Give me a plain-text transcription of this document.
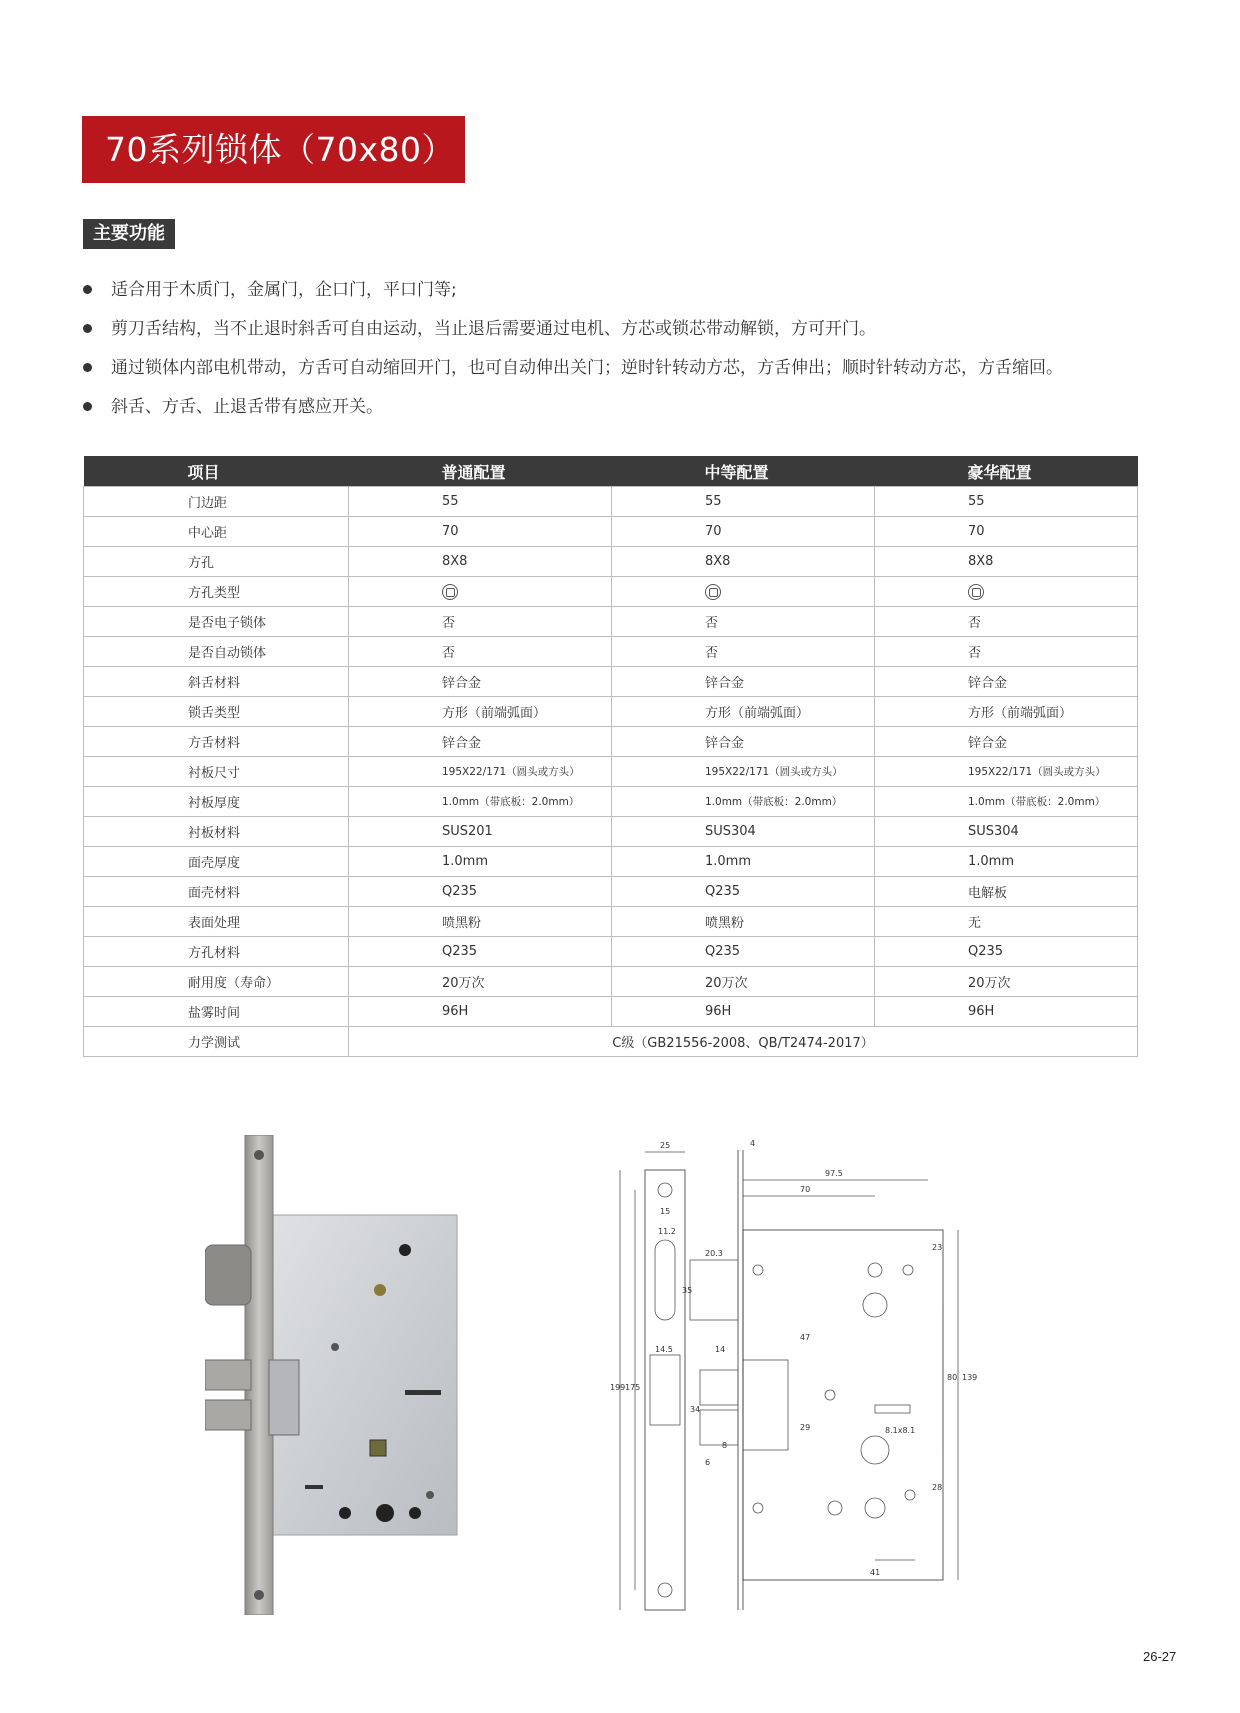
70系列锁体（70x80）
主要功能
适合用于木质门，金属门，企口门，平口门等;
剪刀舌结构，当不止退时斜舌可自由运动，当止退后需要通过电机、方芯或锁芯带动解锁，方可开门。
通过锁体内部电机带动，方舌可自动缩回开门，也可自动伸出关门；逆时针转动方芯，方舌伸出；顺时针转动方芯，方舌缩回。
斜舌、方舌、止退舌带有感应开关。
项目	普通配置	中等配置	豪华配置
门边距	55	55	55
中心距	70	70	70
方孔	8X8	8X8	8X8
方孔类型			
是否电子锁体	否	否	否
是否自动锁体	否	否	否
斜舌材料	锌合金	锌合金	锌合金
锁舌类型	方形（前端弧面）	方形（前端弧面）	方形（前端弧面）
方舌材料	锌合金	锌合金	锌合金
衬板尺寸	195X22/171（圆头或方头）	195X22/171（圆头或方头）	195X22/171（圆头或方头）
衬板厚度	1.0mm（带底板：2.0mm）	1.0mm（带底板：2.0mm）	1.0mm（带底板：2.0mm）
衬板材料	SUS201	SUS304	SUS304
面壳厚度	1.0mm	1.0mm	1.0mm
面壳材料	Q235	Q235	电解板
表面处理	喷黑粉	喷黑粉	无
方孔材料	Q235	Q235	Q235
耐用度（寿命）	20万次	20万次	20万次
盐雾时间	96H	96H	96H
力学测试	C级（GB21556-2008、QB/T2474-2017）		
25	4
97.5
70
15
11.2
20.3
35
23
47
14.5	14
80 139
199 175
34
29	8.1x8.1
8
6
28
41
26-27
